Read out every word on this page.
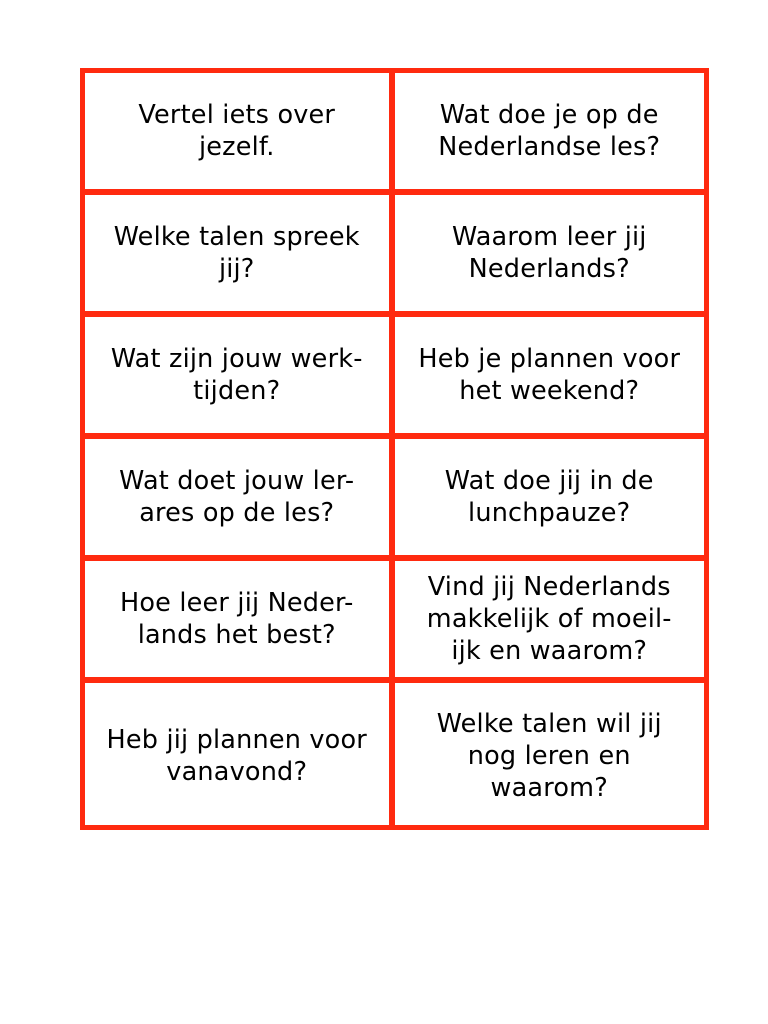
Vertel iets over
jezelf.
Wat doe je op de
Nederlandse les?
Welke talen spreek
jij?
Waarom leer jij
Nederlands?
Wat zijn jouw werk-
tijden?
Heb je plannen voor
het weekend?
Wat doet jouw ler-
ares op de les?
Wat doe jij in de
lunchpauze?
Hoe leer jij Neder-
lands het best?
Vind jij Nederlands
makkelijk of moeil-
ijk en waarom?
Heb jij plannen voor
vanavond?
Welke talen wil jij
nog leren en
waarom?
